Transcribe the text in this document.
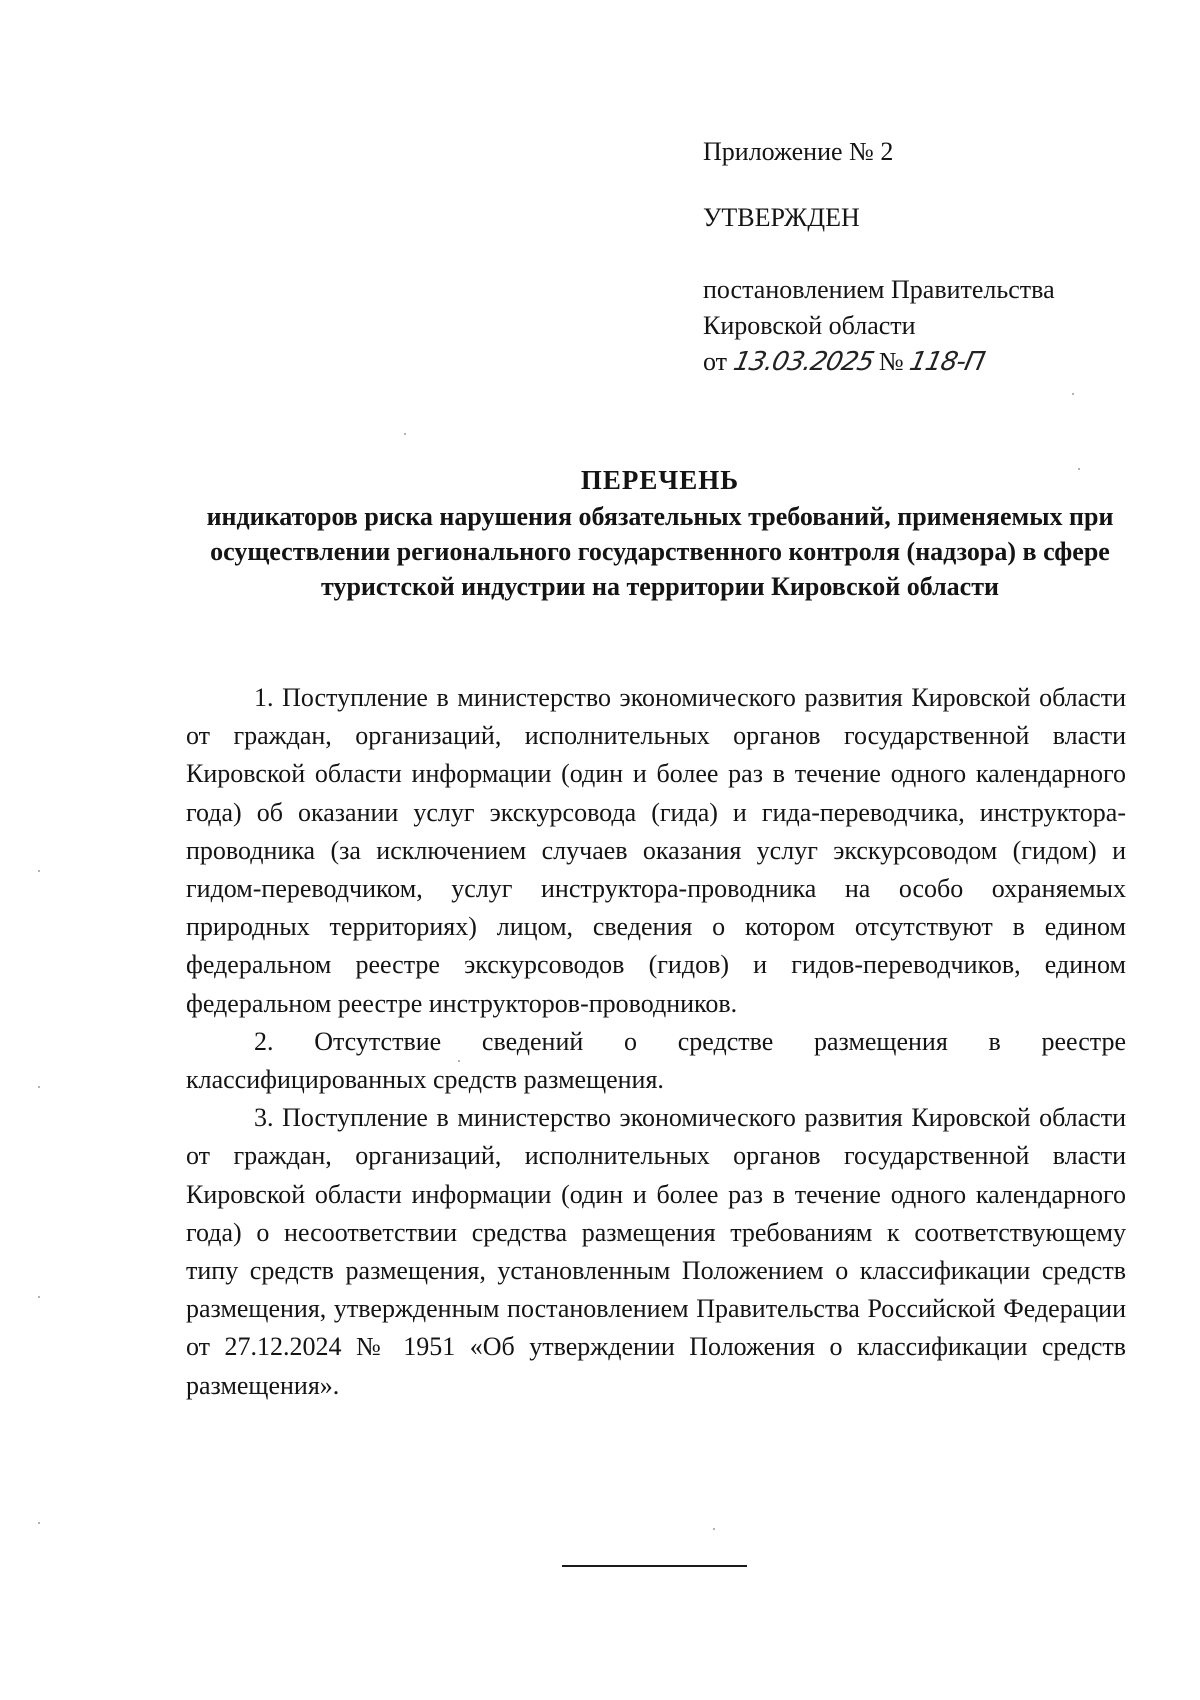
Приложение № 2
УТВЕРЖДЕН
постановлением Правительства
Кировской области
от 13.03.2025 № 118-П
ПЕРЕЧЕНЬ
индикаторов риска нарушения обязательных требований, применяемых при осуществлении регионального государственного контроля (надзора) в сфере туристской индустрии на территории Кировской области

1. Поступление в министерство экономического развития Кировской области от граждан, организаций, исполнительных органов государственной власти Кировской области информации (один и более раз в течение одного календарного года) об оказании услуг экскурсовода (гида) и гида-переводчика, инструктора-проводника (за исключением случаев оказания услуг экскурсоводом (гидом) и гидом-переводчиком, услуг инструктора-проводника на особо охраняемых природных территориях) лицом, сведения о котором отсутствуют в едином федеральном реестре экскурсоводов (гидов) и гидов-переводчиков, едином федеральном реестре инструкторов-проводников.

2. Отсутствие сведений о средстве размещения в реестре классифицированных средств размещения.

3. Поступление в министерство экономического развития Кировской области от граждан, организаций, исполнительных органов государственной власти Кировской области информации (один и более раз в течение одного календарного года) о несоответствии средства размещения требованиям к соответствующему типу средств размещения, установленным Положением о классификации средств размещения, утвержденным постановлением Правительства Российской Федерации от 27.12.2024 № 1951 «Об утверждении Положения о классификации средств размещения».
